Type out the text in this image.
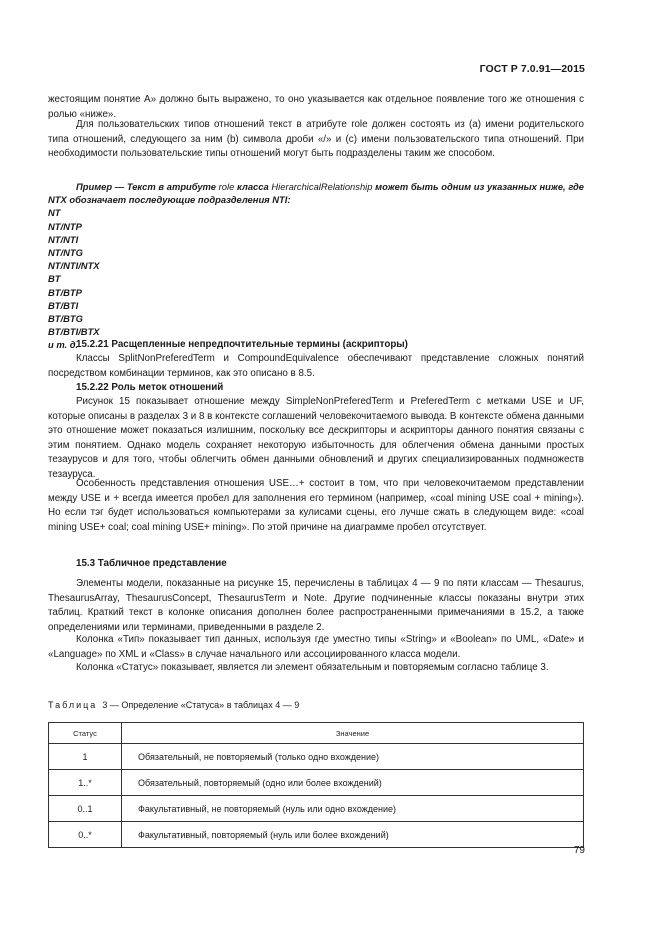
ГОСТ Р 7.0.91—2015

жестоящим понятие А» должно быть выражено, то оно указывается как отдельное появление того же отношения с ролью «ниже».

Для пользовательских типов отношений текст в атрибуте role должен состоять из (а) имени родительского типа отношений, следующего за ним (b) символа дроби «/» и (с) имени пользовательского типа отношений. При необходимости пользовательские типы отношений могут быть подразделены таким же способом.

Пример — Текст в атрибуте role класса HierarchicalRelationship может быть одним из указанных ниже, где NTX обозначает последующие подразделения NTI:
NT
NT/NTP
NT/NTI
NT/NTG
NT/NTI/NTX
BT
BT/BTP
BT/BTI
BT/BTG
BT/BTI/BTX
и т. д.

15.2.21 Расщепленные непредпочтительные термины (аскрипторы)

Классы SplitNonPreferedTerm и CompoundEquivalence обеспечивают представление сложных понятий посредством комбинации терминов, как это описано в 8.5.

15.2.22 Роль меток отношений

Рисунок 15 показывает отношение между SimpleNonPreferedTerm и PreferedTerm с метками USE и UF, которые описаны в разделах 3 и 8 в контексте соглашений человекочитаемого вывода. В контексте обмена данными это отношение может показаться излишним, поскольку все дескрипторы и аскрипторы данного понятия связаны с этим понятием. Однако модель сохраняет некоторую избыточность для облегчения обмена данными простых тезаурусов и для того, чтобы облегчить обмен данными обновлений и других специализированных подмножеств тезауруса.

Особенность представления отношения USE…+ состоит в том, что при человекочитаемом представлении между USE и + всегда имеется пробел для заполнения его термином (например, «coal mining USE coal + mining»). Но если тэг будет использоваться компьютерами за кулисами сцены, его лучше сжать в следующем виде: «coal mining USE+ coal; coal mining USE+ mining». По этой причине на диаграмме пробел отсутствует.

15.3 Табличное представление

Элементы модели, показанные на рисунке 15, перечислены в таблицах 4 — 9 по пяти классам — Thesaurus, ThesaurusArray, ThesaurusConcept, ThesaurusTerm и Note. Другие подчиненные классы показаны внутри этих таблиц. Краткий текст в колонке описания дополнен более распространенными примечаниями в 15.2, а также определениями или терминами, приведенными в разделе 2.

Колонка «Тип» показывает тип данных, используя где уместно типы «String» и «Boolean» по UML, «Date» и «Language» по XML и «Class» в случае начального или ассоциированного класса модели.

Колонка «Статус» показывает, является ли элемент обязательным и повторяемым согласно таблице 3.

Таблица 3 — Определение «Статуса» в таблицах 4 — 9
Статус	Значение
1	Обязательный, не повторяемый (только одно вхождение)
1..*	Обязательный, повторяемый (одно или более вхождений)
0..1	Факультативный, не повторяемый (нуль или одно вхождение)
0..*	Факультативный, повторяемый (нуль или более вхождений)
79
